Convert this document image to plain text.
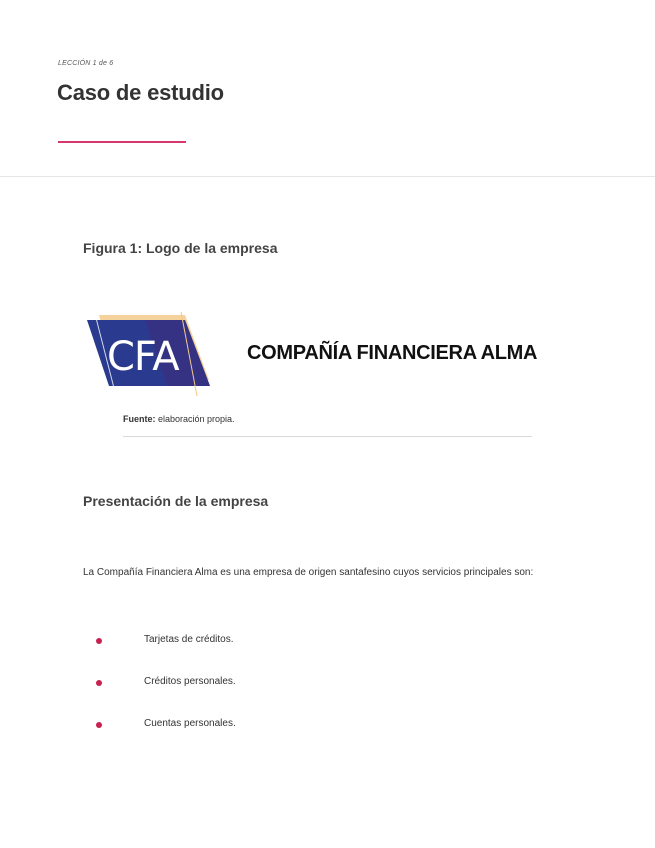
LECCIÓN 1 de 6
Caso de estudio
Figura 1: Logo de la empresa
CFA	COMPAÑÍA FINANCIERA ALMA
Fuente: elaboración propia.
Presentación de la empresa

La Compañía Financiera Alma es una empresa de origen santafesino cuyos servicios principales son:

Tarjetas de créditos.
Créditos personales.
Cuentas personales.
